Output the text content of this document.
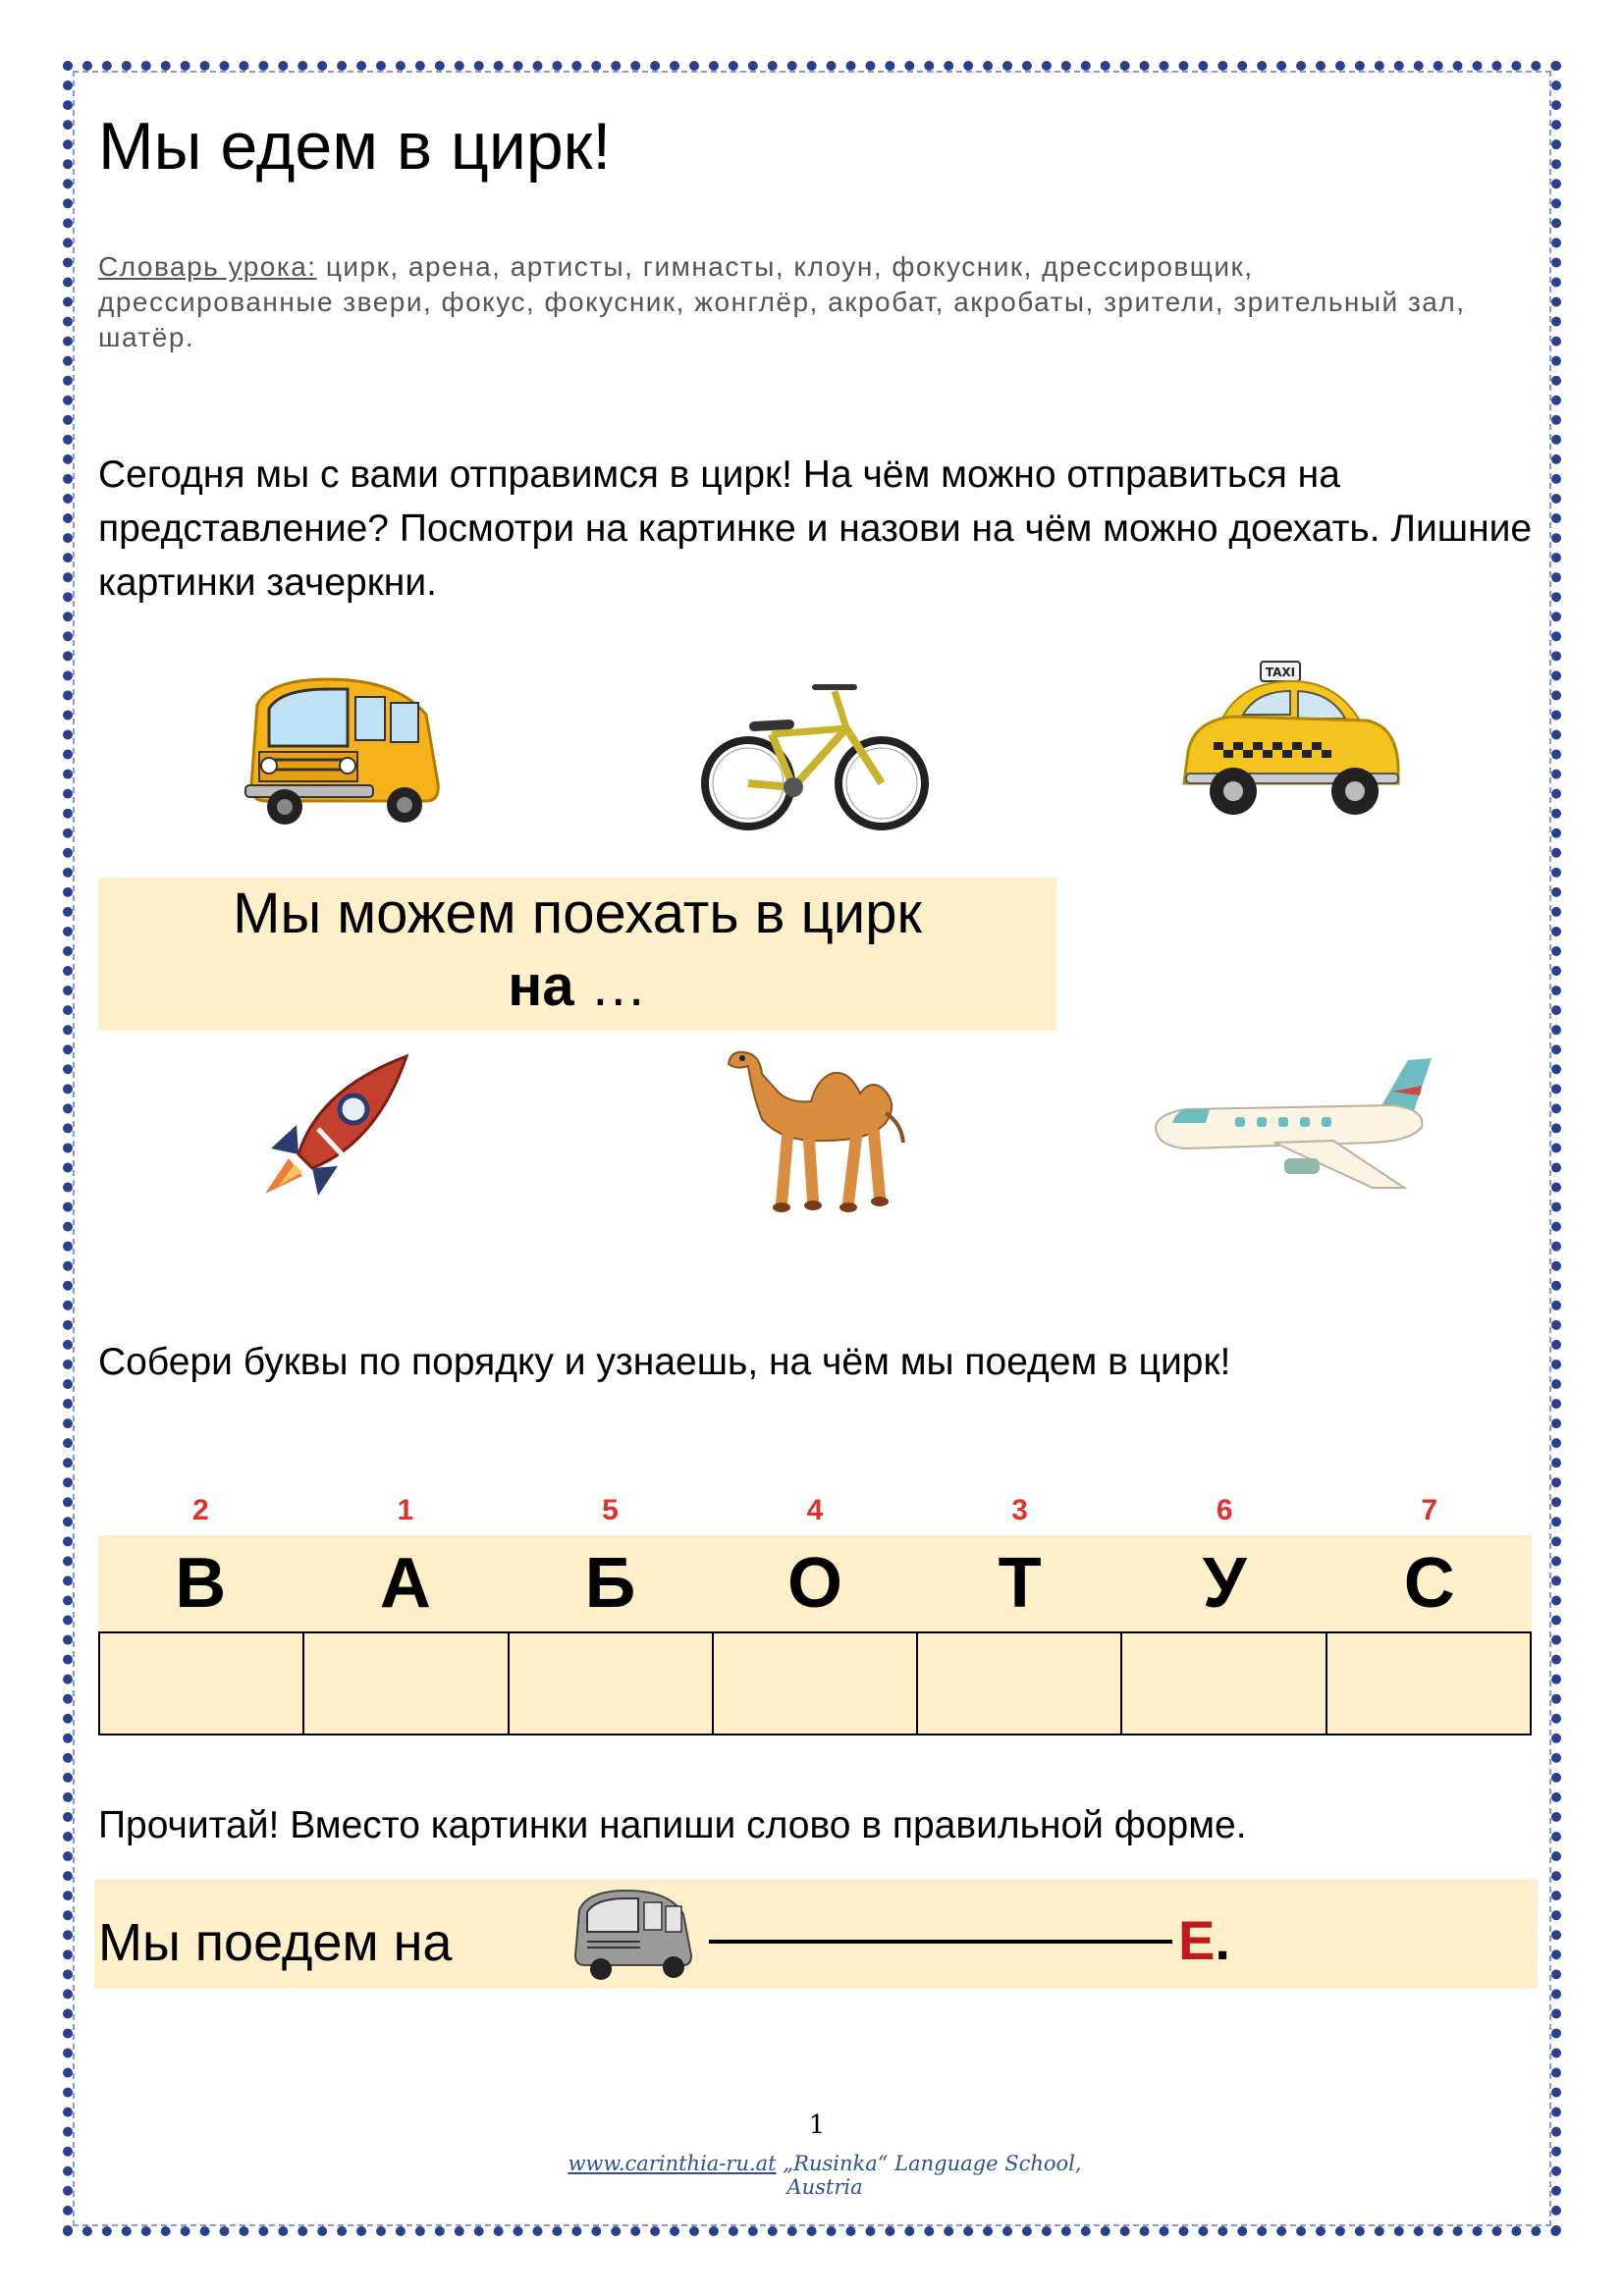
Мы едем в цирк!
Словарь урока: цирк, арена, артисты, гимнасты, клоун, фокусник, дрессировщик, дрессированные звери, фокус, фокусник, жонглёр, акробат, акробаты, зрители, зрительный зал, шатёр.
Сегодня мы с вами отправимся в цирк! На чём можно отправиться на представление? Посмотри на картинке и назови на чём можно доехать. Лишние картинки зачеркни.
TAXI
Мы можем поехать в цирк
на …
Собери буквы по порядку и узнаешь, на чём мы поедем в цирк!
2	1	5	4	3	6	7
В	А	Б	О	Т	У	С
Прочитай! Вместо картинки напиши слово в правильной форме.
Мы поедем на	Е.
1
www.carinthia-ru.at „Rusinka“ Language School, Austria
